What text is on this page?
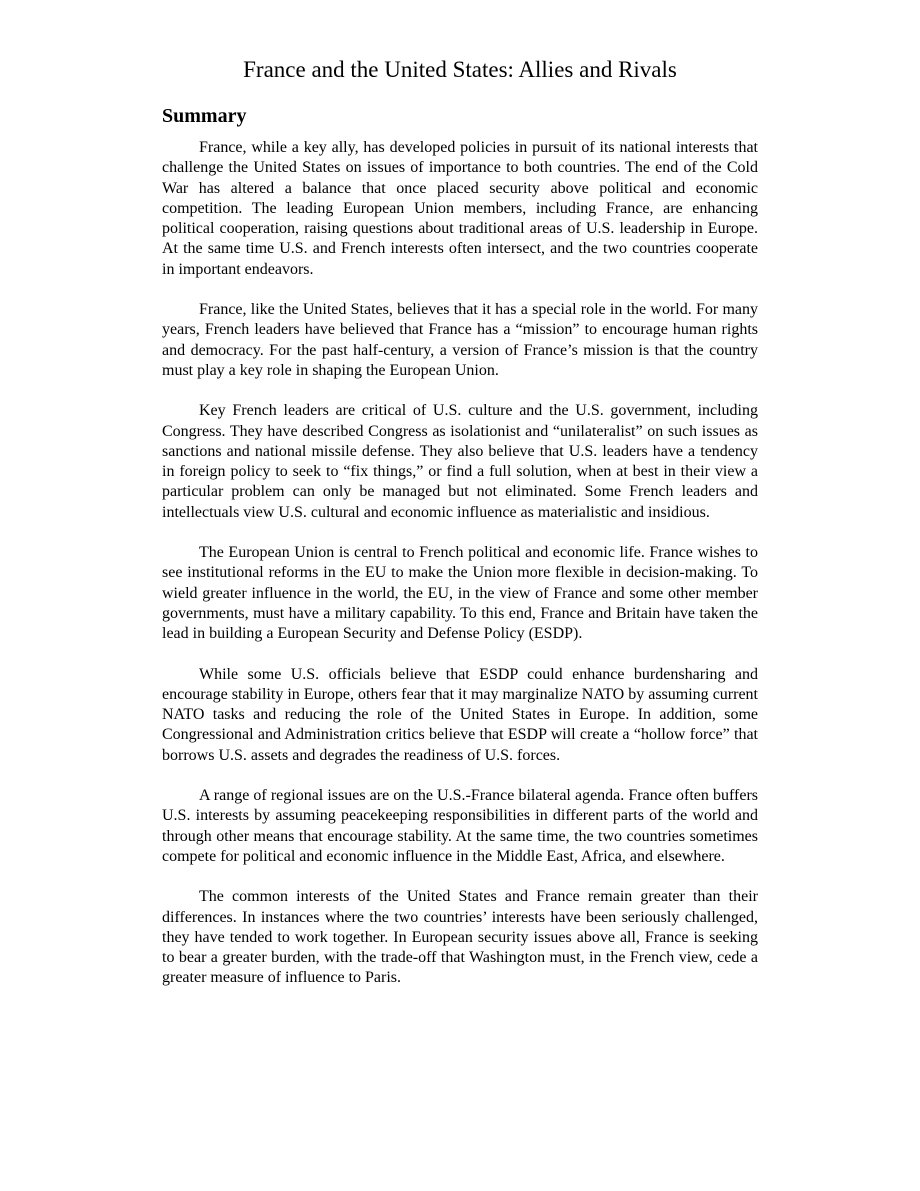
France and the United States: Allies and Rivals
Summary

France, while a key ally, has developed policies in pursuit of its national interests that challenge the United States on issues of importance to both countries. The end of the Cold War has altered a balance that once placed security above political and economic competition. The leading European Union members, including France, are enhancing political cooperation, raising questions about traditional areas of U.S. leadership in Europe. At the same time U.S. and French interests often intersect, and the two countries cooperate in important endeavors.

France, like the United States, believes that it has a special role in the world. For many years, French leaders have believed that France has a “mission” to encourage human rights and democracy. For the past half-century, a version of France’s mission is that the country must play a key role in shaping the European Union.

Key French leaders are critical of U.S. culture and the U.S. government, including Congress. They have described Congress as isolationist and “unilateralist” on such issues as sanctions and national missile defense. They also believe that U.S. leaders have a tendency in foreign policy to seek to “fix things,” or find a full solution, when at best in their view a particular problem can only be managed but not eliminated. Some French leaders and intellectuals view U.S. cultural and economic influence as materialistic and insidious.

The European Union is central to French political and economic life. France wishes to see institutional reforms in the EU to make the Union more flexible in decision-making. To wield greater influence in the world, the EU, in the view of France and some other member governments, must have a military capability. To this end, France and Britain have taken the lead in building a European Security and Defense Policy (ESDP).

While some U.S. officials believe that ESDP could enhance burdensharing and encourage stability in Europe, others fear that it may marginalize NATO by assuming current NATO tasks and reducing the role of the United States in Europe. In addition, some Congressional and Administration critics believe that ESDP will create a “hollow force” that borrows U.S. assets and degrades the readiness of U.S. forces.

A range of regional issues are on the U.S.-France bilateral agenda. France often buffers U.S. interests by assuming peacekeeping responsibilities in different parts of the world and through other means that encourage stability. At the same time, the two countries sometimes compete for political and economic influence in the Middle East, Africa, and elsewhere.

The common interests of the United States and France remain greater than their differences. In instances where the two countries’ interests have been seriously challenged, they have tended to work together. In European security issues above all, France is seeking to bear a greater burden, with the trade-off that Washington must, in the French view, cede a greater measure of influence to Paris.
